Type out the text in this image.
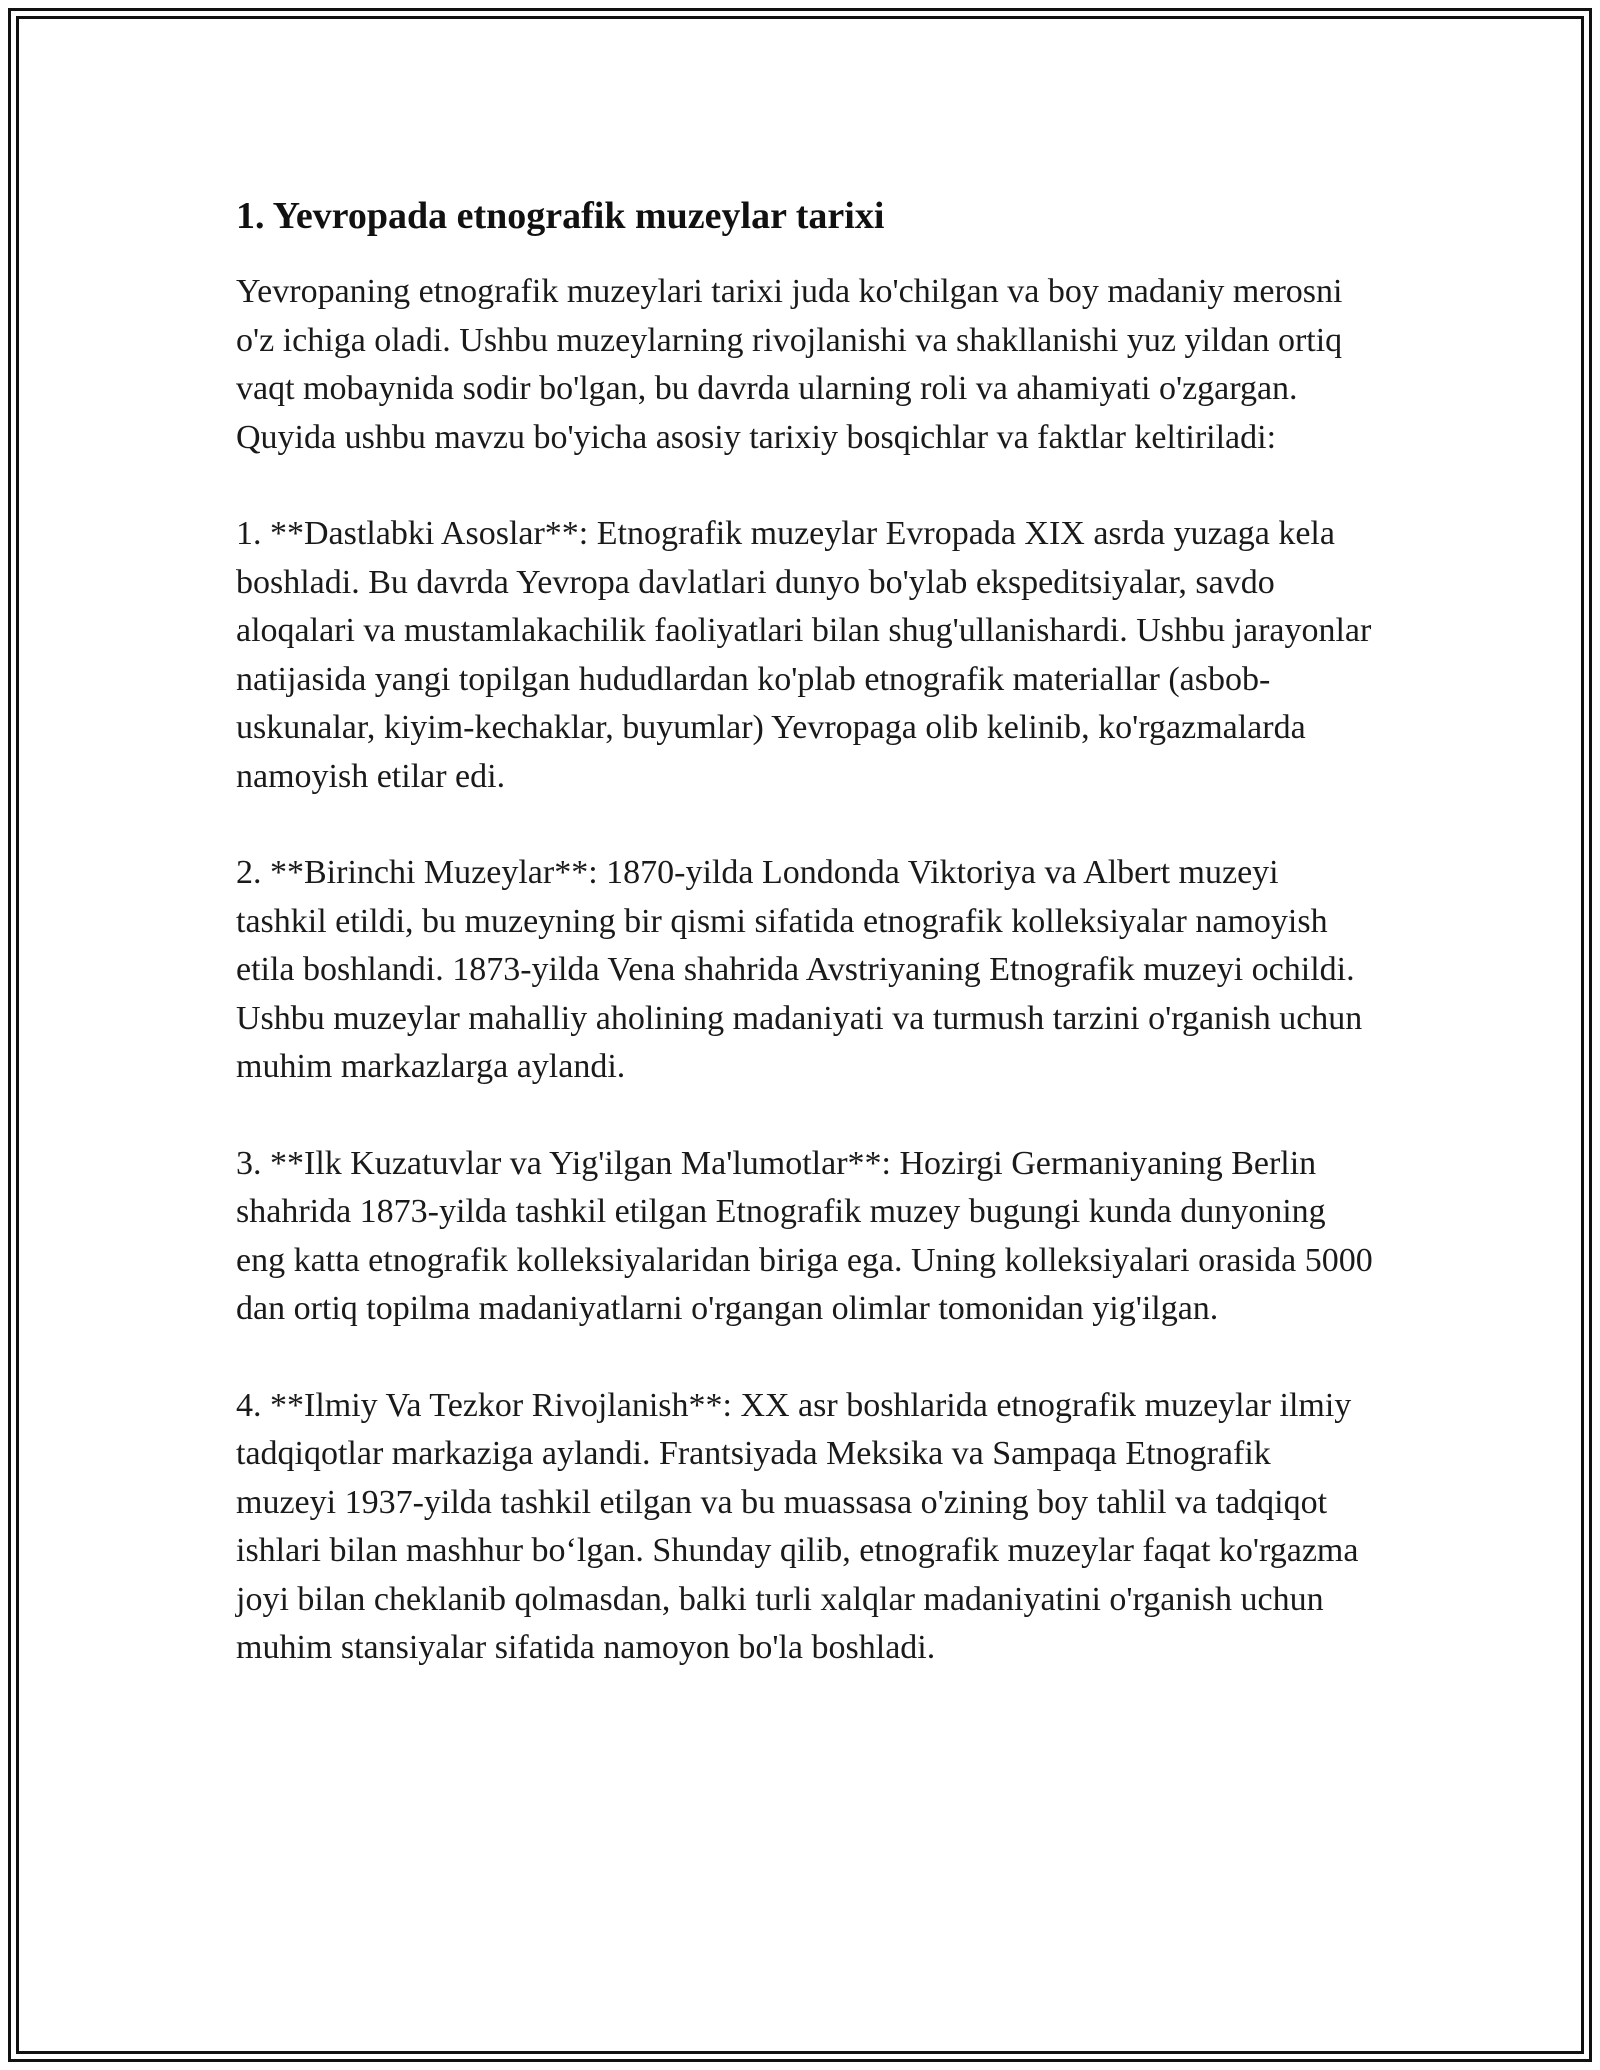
1. Yevropada etnografik muzeylar tarixi

Yevropaning etnografik muzeylari tarixi juda ko'chilgan va boy madaniy merosni o'z ichiga oladi. Ushbu muzeylarning rivojlanishi va shakllanishi yuz yildan ortiq vaqt mobaynida sodir bo'lgan, bu davrda ularning roli va ahamiyati o'zgargan. Quyida ushbu mavzu bo'yicha asosiy tarixiy bosqichlar va faktlar keltiriladi:

1. **Dastlabki Asoslar**: Etnografik muzeylar Evropada XIX asrda yuzaga kela boshladi. Bu davrda Yevropa davlatlari dunyo bo'ylab ekspeditsiyalar, savdo aloqalari va mustamlakachilik faoliyatlari bilan shug'ullanishardi. Ushbu jarayonlar natijasida yangi topilgan hududlardan ko'plab etnografik materiallar (asbob-uskunalar, kiyim-kechaklar, buyumlar) Yevropaga olib kelinib, ko'rgazmalarda namoyish etilar edi.

2. **Birinchi Muzeylar**: 1870-yilda Londonda Viktoriya va Albert muzeyi tashkil etildi, bu muzeyning bir qismi sifatida etnografik kolleksiyalar namoyish etila boshlandi. 1873-yilda Vena shahrida Avstriyaning Etnografik muzeyi ochildi. Ushbu muzeylar mahalliy aholining madaniyati va turmush tarzini o'rganish uchun muhim markazlarga aylandi.

3. **Ilk Kuzatuvlar va Yig'ilgan Ma'lumotlar**: Hozirgi Germaniyaning Berlin shahrida 1873-yilda tashkil etilgan Etnografik muzey bugungi kunda dunyoning eng katta etnografik kolleksiyalaridan biriga ega. Uning kolleksiyalari orasida 5000 dan ortiq topilma madaniyatlarni o'rgangan olimlar tomonidan yig'ilgan.

4. **Ilmiy Va Tezkor Rivojlanish**: XX asr boshlarida etnografik muzeylar ilmiy tadqiqotlar markaziga aylandi. Frantsiyada Meksika va Sampaqa Etnografik muzeyi 1937-yilda tashkil etilgan va bu muassasa o'zining boy tahlil va tadqiqot ishlari bilan mashhur bo‘lgan. Shunday qilib, etnografik muzeylar faqat ko'rgazma joyi bilan cheklanib qolmasdan, balki turli xalqlar madaniyatini o'rganish uchun muhim stansiyalar sifatida namoyon bo'la boshladi.
